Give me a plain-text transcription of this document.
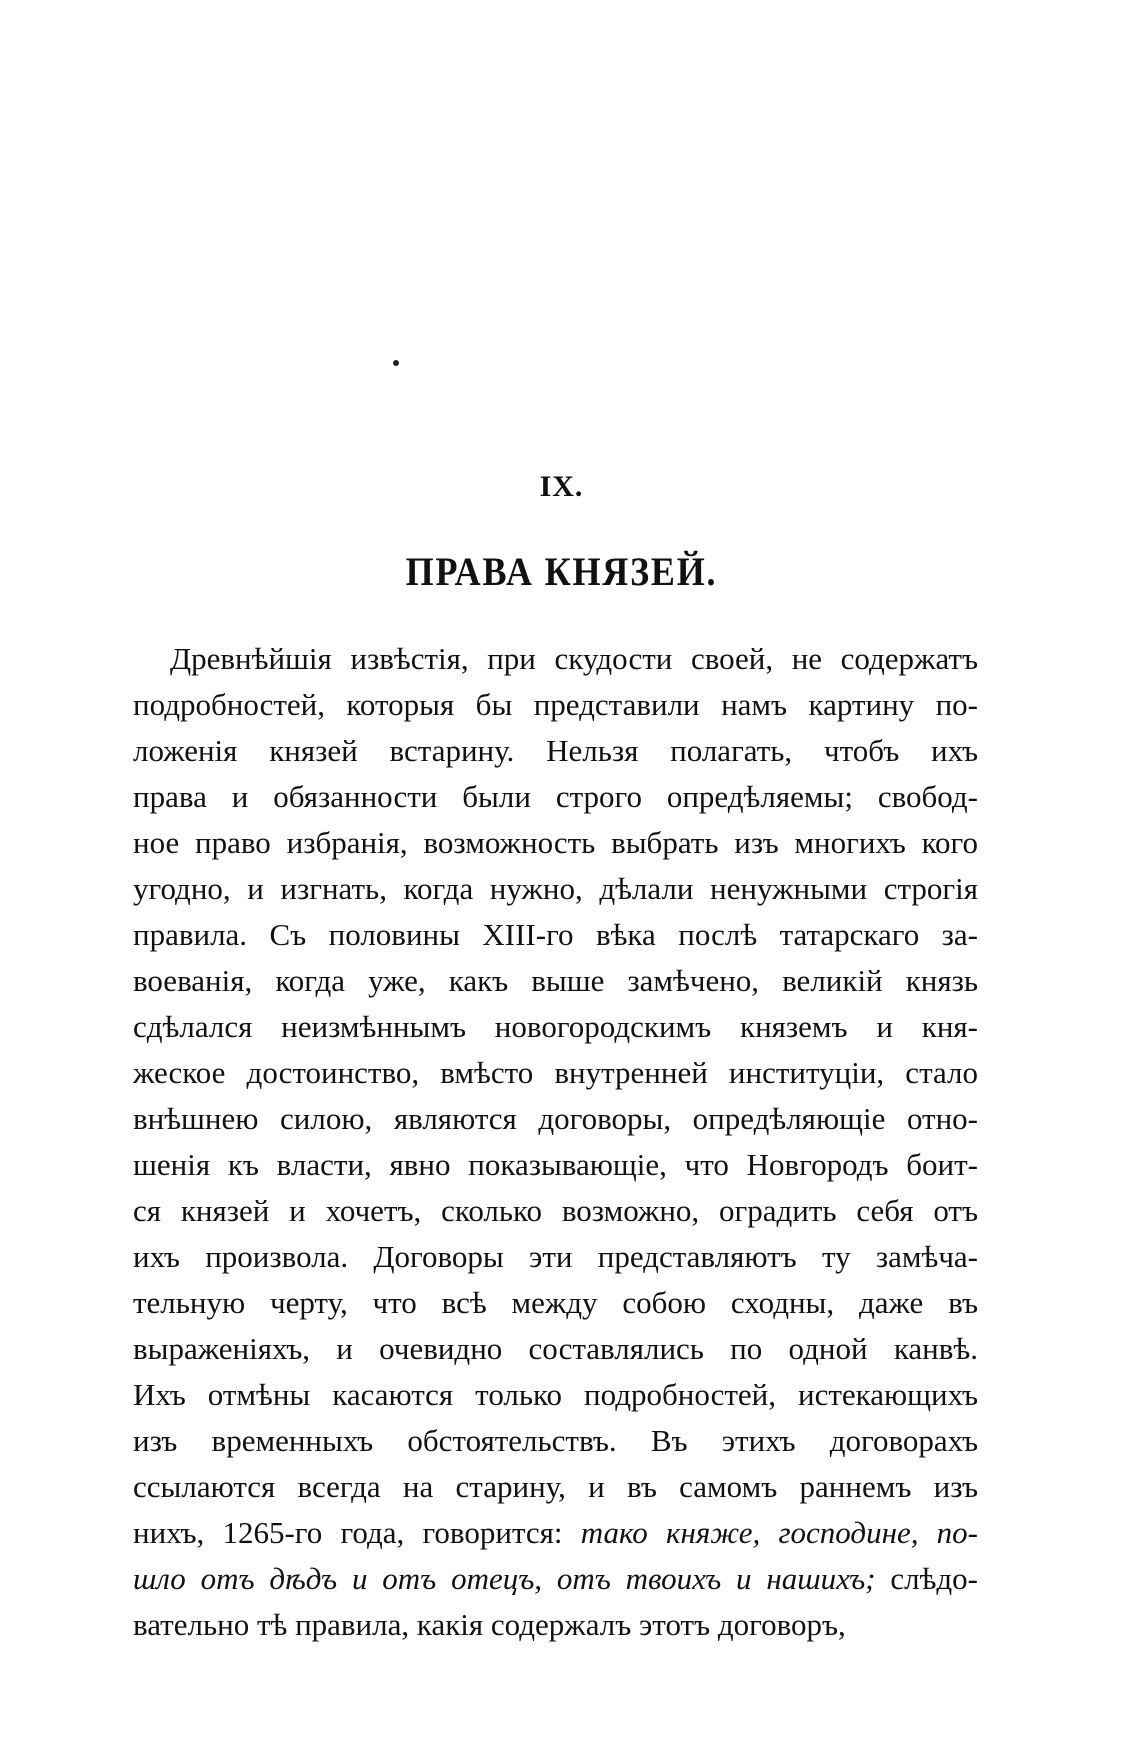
IX.
ПРАВА КНЯЗЕЙ.
Древнѣйшія извѣстія, при скудости своей, не содержатъ
подробностей, которыя бы представили намъ картину по-
ложенія князей встарину. Нельзя полагать, чтобъ ихъ
права и обязанности были строго опредѣляемы; свобод-
ное право избранія, возможность выбрать изъ многихъ кого
угодно, и изгнать, когда нужно, дѣлали ненужными строгія
правила. Съ половины XIII-го вѣка послѣ татарскаго за-
воеванія, когда уже, какъ выше замѣчено, великій князь
сдѣлался неизмѣннымъ новогородскимъ княземъ и кня-
жеское достоинство, вмѣсто внутренней институціи, стало
внѣшнею силою, являются договоры, опредѣляющіе отно-
шенія къ власти, явно показывающіе, что Новгородъ боит-
ся князей и хочетъ, сколько возможно, оградить себя отъ
ихъ произвола. Договоры эти представляютъ ту замѣча-
тельную черту, что всѣ между собою сходны, даже въ
выраженіяхъ, и очевидно составлялись по одной канвѣ.
Ихъ отмѣны касаются только подробностей, истекающихъ
изъ временныхъ обстоятельствъ. Въ этихъ договорахъ
ссылаются всегда на старину, и въ самомъ раннемъ изъ
нихъ, 1265-го года, говорится: тако княже, господине, по-
шло отъ дѣдъ и отъ отецъ, отъ твоихъ и нашихъ; слѣдо-
вательно тѣ правила, какія содержалъ этотъ договоръ,
